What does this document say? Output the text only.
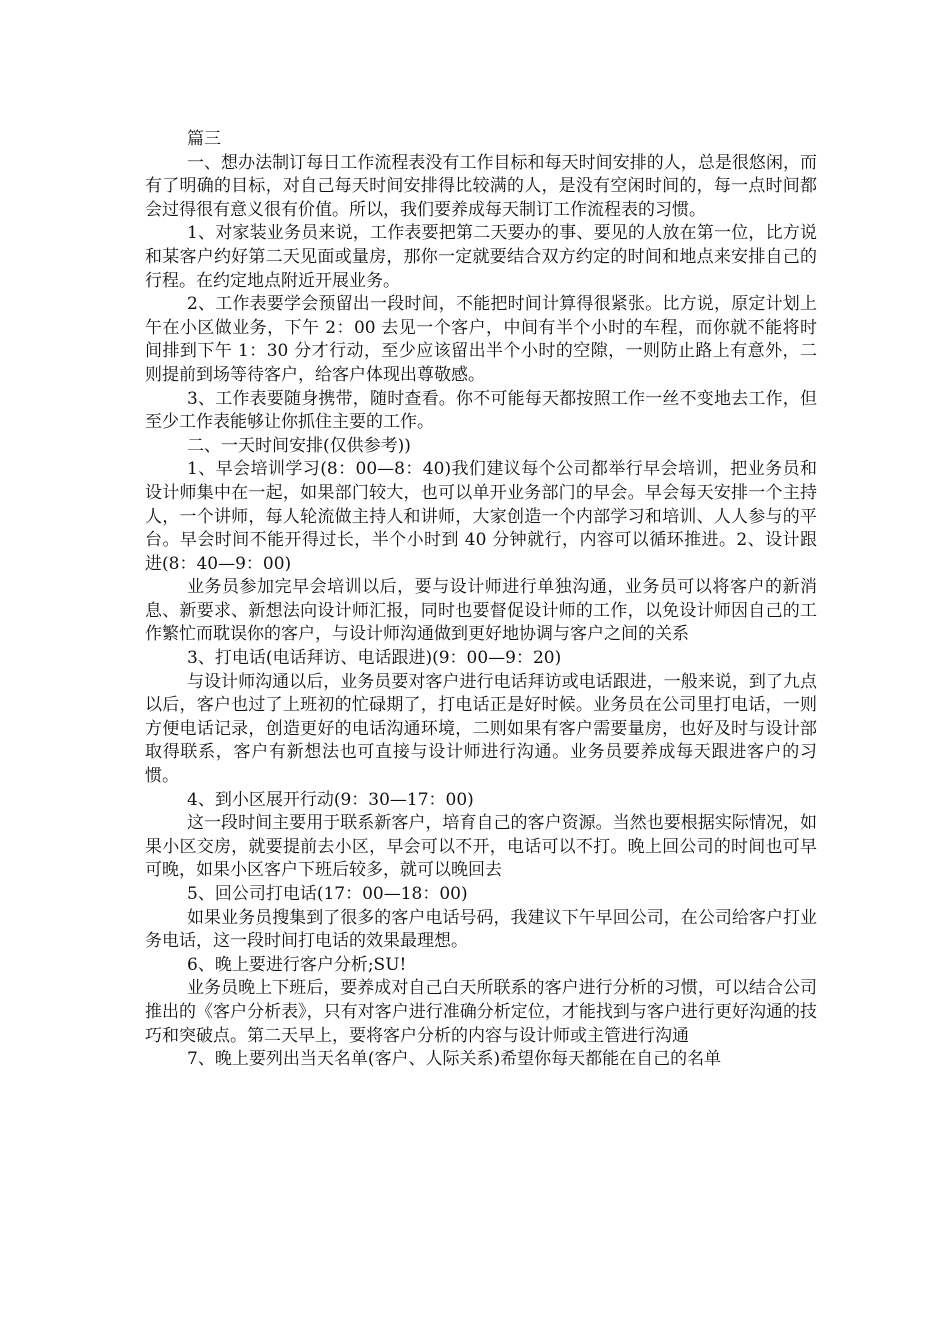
篇三

一、想办法制订每日工作流程表没有工作目标和每天时间安排的人，总是很悠闲，而有了明确的目标，对自己每天时间安排得比较满的人，是没有空闲时间的，每一点时间都会过得很有意义很有价值。所以，我们要养成每天制订工作流程表的习惯。

1、对家装业务员来说，工作表要把第二天要办的事、要见的人放在第一位，比方说和某客户约好第二天见面或量房，那你一定就要结合双方约定的时间和地点来安排自己的行程。在约定地点附近开展业务。

2、工作表要学会预留出一段时间，不能把时间计算得很紧张。比方说，原定计划上午在小区做业务，下午 2：00 去见一个客户，中间有半个小时的车程，而你就不能将时间排到下午 1：30 分才行动，至少应该留出半个小时的空隙，一则防止路上有意外，二则提前到场等待客户，给客户体现出尊敬感。

3、工作表要随身携带，随时查看。你不可能每天都按照工作一丝不变地去工作，但至少工作表能够让你抓住主要的工作。

二、一天时间安排(仅供参考))

1、早会培训学习(8：00—8：40)我们建议每个公司都举行早会培训，把业务员和设计师集中在一起，如果部门较大，也可以单开业务部门的早会。早会每天安排一个主持人，一个讲师，每人轮流做主持人和讲师，大家创造一个内部学习和培训、人人参与的平台。早会时间不能开得过长，半个小时到 40 分钟就行，内容可以循环推进。2、设计跟进(8：40—9：00)

业务员参加完早会培训以后，要与设计师进行单独沟通，业务员可以将客户的新消息、新要求、新想法向设计师汇报，同时也要督促设计师的工作，以免设计师因自己的工作繁忙而耽误你的客户，与设计师沟通做到更好地协调与客户之间的关系

3、打电话(电话拜访、电话跟进)(9：00—9：20)

与设计师沟通以后，业务员要对客户进行电话拜访或电话跟进，一般来说，到了九点以后，客户也过了上班初的忙碌期了，打电话正是好时候。业务员在公司里打电话，一则方便电话记录，创造更好的电话沟通环境，二则如果有客户需要量房，也好及时与设计部取得联系，客户有新想法也可直接与设计师进行沟通。业务员要养成每天跟进客户的习惯。

4、到小区展开行动(9：30—17：00)

这一段时间主要用于联系新客户，培育自己的客户资源。当然也要根据实际情况，如果小区交房，就要提前去小区，早会可以不开，电话可以不打。晚上回公司的时间也可早可晚，如果小区客户下班后较多，就可以晚回去

5、回公司打电话(17：00—18：00)

如果业务员搜集到了很多的客户电话号码，我建议下午早回公司，在公司给客户打业务电话，这一段时间打电话的效果最理想。

6、晚上要进行客户分析;SU!

业务员晚上下班后，要养成对自己白天所联系的客户进行分析的习惯，可以结合公司推出的《客户分析表》，只有对客户进行准确分析定位，才能找到与客户进行更好沟通的技巧和突破点。第二天早上，要将客户分析的内容与设计师或主管进行沟通

7、晚上要列出当天名单(客户、人际关系)希望你每天都能在自己的名单
